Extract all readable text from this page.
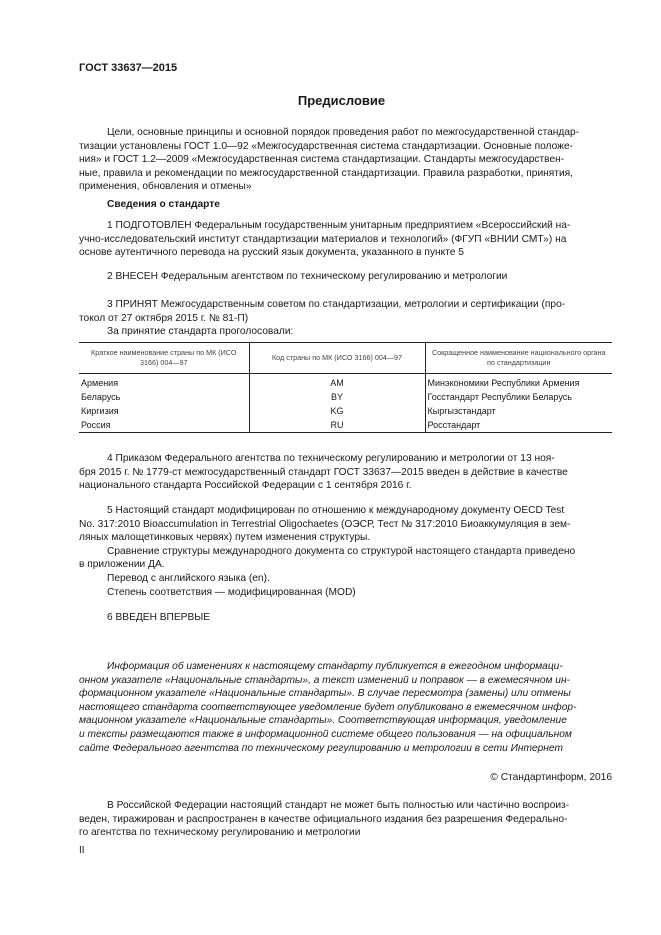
ГОСТ 33637—2015
Предисловие
Цели, основные принципы и основной порядок проведения работ по межгосударственной стандар-
тизации установлены ГОСТ 1.0—92 «Межгосударственная система стандартизации. Основные положе-
ния» и ГОСТ 1.2—2009 «Межгосударственная система стандартизации. Стандарты межгосударствен-
ные, правила и рекомендации по межгосударственной стандартизации. Правила разработки, принятия,
применения, обновления и отмены»
Сведения о стандарте
1 ПОДГОТОВЛЕН Федеральным государственным унитарным предприятием «Всероссийский на-
учно-исследовательский институт стандартизации материалов и технологий» (ФГУП «ВНИИ СМТ») на
основе аутентичного перевода на русский язык документа, указанного в пункте 5
2 ВНЕСЕН Федеральным агентством по техническому регулированию и метрологии
3 ПРИНЯТ Межгосударственным советом по стандартизации, метрологии и сертификации (про-
токол от 27 октября 2015 г. № 81-П)
За принятие стандарта проголосовали:
Краткое наименование страны по МК (ИСО 3166) 004—97	Код страны по МК (ИСО 3166) 004—97	Сокращенное наименование национального органа по стандартизации
Армения	AM	Минэкономики Республики Армения
Беларусь	BY	Госстандарт Республики Беларусь
Киргизия	KG	Кыргызстандарт
Россия	RU	Росстандарт
4 Приказом Федерального агентства по техническому регулированию и метрологии от 13 ноя-
бря 2015 г. № 1779-ст межгосударственный стандарт ГОСТ 33637—2015 введен в действие в качестве
национального стандарта Российской Федерации с 1 сентября 2016 г.
5 Настоящий стандарт модифицирован по отношению к международному документу OECD Test
No. 317:2010 Bioaccumulation in Terrestrial Oligochaetes (ОЭСР, Тест № 317:2010 Биоаккумуляция в зем-
ляных малощетинковых червях) путем изменения структуры.
Сравнение структуры международного документа со структурой настоящего стандарта приведено
в приложении ДА.
Перевод с английского языка (en).
Степень соответствия — модифицированная (MOD)
6 ВВЕДЕН ВПЕРВЫЕ
Информация об изменениях к настоящему стандарту публикуется в ежегодном информаци-
онном указателе «Национальные стандарты», а текст изменений и поправок — в ежемесячном ин-
формационном указателе «Национальные стандарты». В случае пересмотра (замены) или отмены
настоящего стандарта соответствующее уведомление будет опубликовано в ежемесячном инфор-
мационном указателе «Национальные стандарты». Соответствующая информация, уведомление
и тексты размещаются также в информационной системе общего пользования — на официальном
сайте Федерального агентства по техническому регулированию и метрологии в сети Интернет
© Стандартинформ, 2016
В Российской Федерации настоящий стандарт не может быть полностью или частично воспроиз-
веден, тиражирован и распространен в качестве официального издания без разрешения Федерально-
го агентства по техническому регулированию и метрологии
II
